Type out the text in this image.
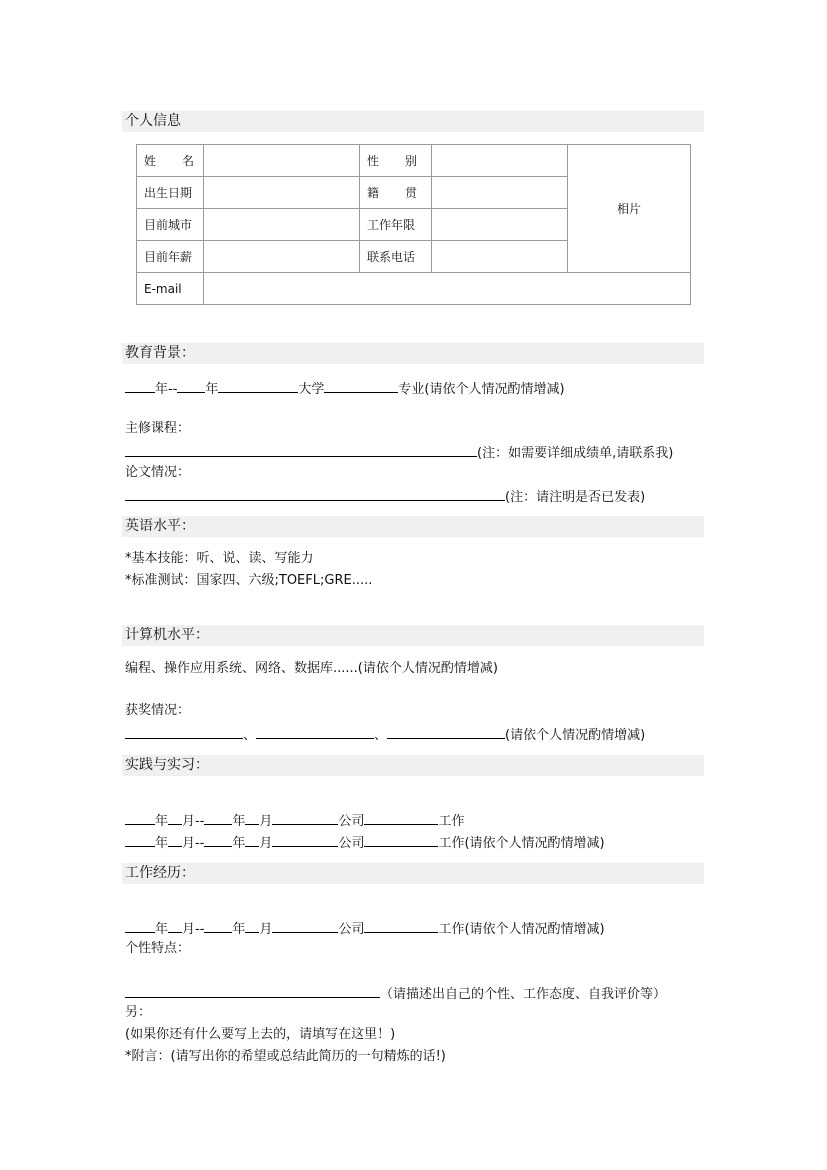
个人信息
姓 名		性 别		相片
出生日期		籍 贯		

目前城市		工作年限		
目前年薪		联系电话		
E-mail				
教育背景：
年-- 年	大学	专业(请依个人情况酌情增减)
主修课程：
(注：如需要详细成绩单,请联系我)
论文情况：
(注：请注明是否已发表)
英语水平：
*基本技能：听、说、读、写能力
*标准测试：国家四、六级;TOEFL;GRE.....
计算机水平：
编程、操作应用系统、网络、数据库......(请依个人情况酌情增减)
获奖情况：
、	、	(请依个人情况酌情增减)
实践与实习：
年 月-- 年 月	公司	工作
年 月-- 年 月	公司	工作(请依个人情况酌情增减)
工作经历：
年 月-- 年 月	公司	工作(请依个人情况酌情增减)
个性特点：
（请描述出自己的个性、工作态度、自我评价等）
另：
(如果你还有什么要写上去的，请填写在这里！)
*附言：(请写出你的希望或总结此简历的一句精炼的话!)
